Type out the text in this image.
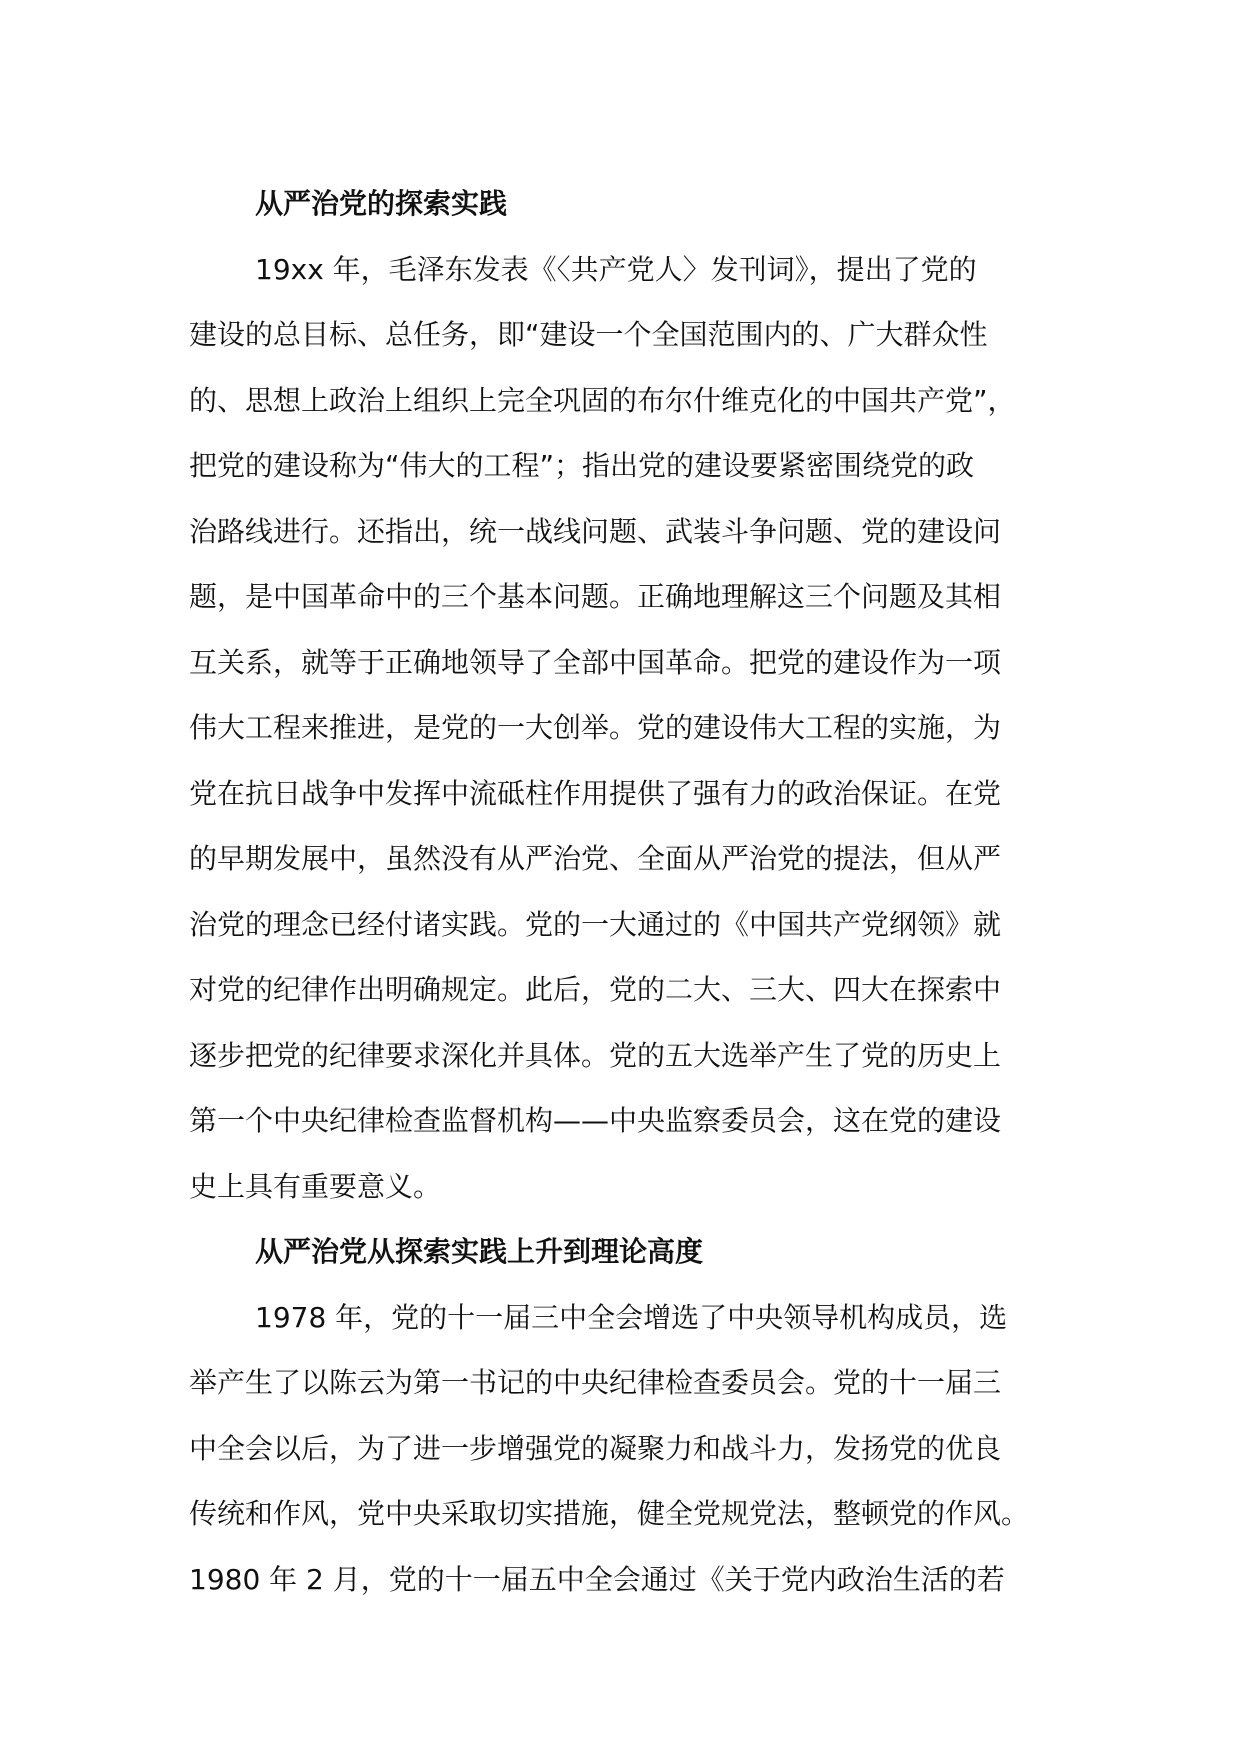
从严治党的探索实践
19xx 年，毛泽东发表《〈共产党人〉发刊词》，提出了党的
建设的总目标、总任务，即“建设一个全国范围内的、广大群众性
的、思想上政治上组织上完全巩固的布尔什维克化的中国共产党”，
把党的建设称为“伟大的工程”；指出党的建设要紧密围绕党的政
治路线进行。还指出，统一战线问题、武装斗争问题、党的建设问
题，是中国革命中的三个基本问题。正确地理解这三个问题及其相
互关系，就等于正确地领导了全部中国革命。把党的建设作为一项
伟大工程来推进，是党的一大创举。党的建设伟大工程的实施，为
党在抗日战争中发挥中流砥柱作用提供了强有力的政治保证。在党
的早期发展中，虽然没有从严治党、全面从严治党的提法，但从严
治党的理念已经付诸实践。党的一大通过的《中国共产党纲领》就
对党的纪律作出明确规定。此后，党的二大、三大、四大在探索中
逐步把党的纪律要求深化并具体。党的五大选举产生了党的历史上
第一个中央纪律检查监督机构——中央监察委员会，这在党的建设
史上具有重要意义。
从严治党从探索实践上升到理论高度
1978 年，党的十一届三中全会增选了中央领导机构成员，选
举产生了以陈云为第一书记的中央纪律检查委员会。党的十一届三
中全会以后，为了进一步增强党的凝聚力和战斗力，发扬党的优良
传统和作风，党中央采取切实措施，健全党规党法，整顿党的作风。
1980 年 2 月，党的十一届五中全会通过《关于党内政治生活的若
